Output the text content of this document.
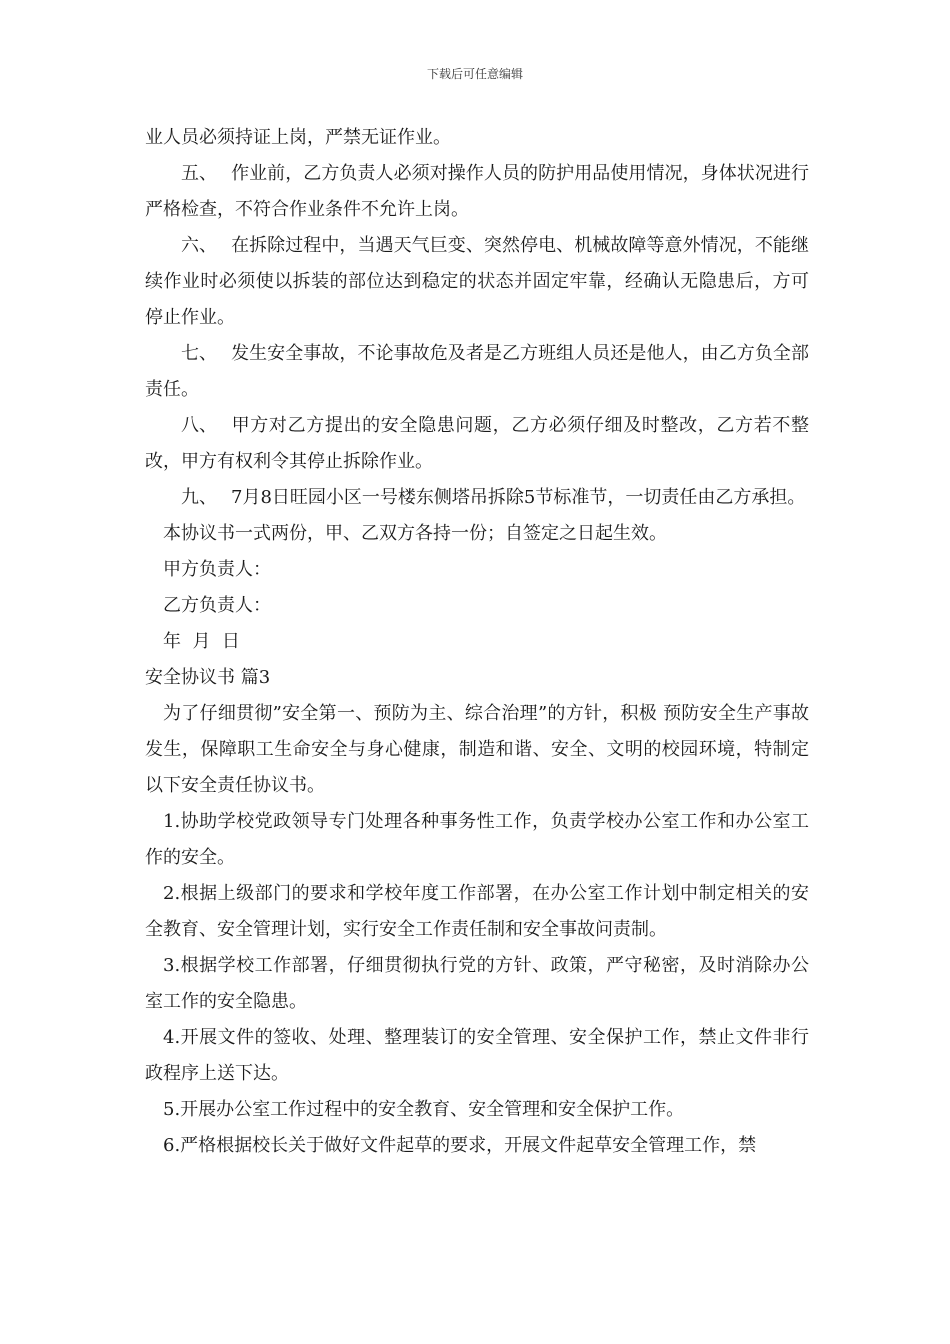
下载后可任意编辑

业人员必须持证上岗，严禁无证作业。

五、 作业前，乙方负责人必须对操作人员的防护用品使用情况，身体状况进行严格检查，不符合作业条件不允许上岗。

六、 在拆除过程中，当遇天气巨变、突然停电、机械故障等意外情况，不能继续作业时必须使以拆装的部位达到稳定的状态并固定牢靠，经确认无隐患后，方可停止作业。

七、 发生安全事故，不论事故危及者是乙方班组人员还是他人，由乙方负全部责任。

八、 甲方对乙方提出的安全隐患问题，乙方必须仔细及时整改，乙方若不整改，甲方有权利令其停止拆除作业。

九、 7月8日旺园小区一号楼东侧塔吊拆除5节标准节，一切责任由乙方承担。

本协议书一式两份，甲、乙双方各持一份；自签定之日起生效。

甲方负责人：

乙方负责人：

年  月  日

安全协议书 篇3

为了仔细贯彻”安全第一、预防为主、综合治理”的方针，积极 预防安全生产事故发生，保障职工生命安全与身心健康，制造和谐、安全、文明的校园环境，特制定以下安全责任协议书。

1.协助学校党政领导专门处理各种事务性工作，负责学校办公室工作和办公室工作的安全。

2.根据上级部门的要求和学校年度工作部署，在办公室工作计划中制定相关的安全教育、安全管理计划，实行安全工作责任制和安全事故问责制。

3.根据学校工作部署，仔细贯彻执行党的方针、政策，严守秘密，及时消除办公室工作的安全隐患。

4.开展文件的签收、处理、整理装订的安全管理、安全保护工作，禁止文件非行政程序上送下达。

5.开展办公室工作过程中的安全教育、安全管理和安全保护工作。

6.严格根据校长关于做好文件起草的要求，开展文件起草安全管理工作，禁
